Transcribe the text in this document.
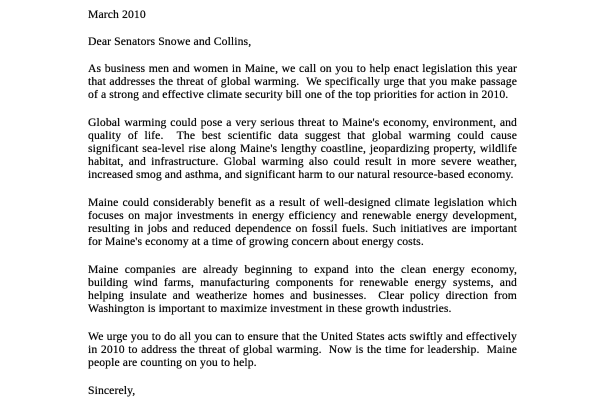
March 2010
Dear Senators Snowe and Collins,
As business men and women in Maine, we call on you to help enact legislation this year that addresses the threat of global warming.  We specifically urge that you make passage of a strong and effective climate security bill one of the top priorities for action in 2010.
Global warming could pose a very serious threat to Maine's economy, environment, and quality of life.  The best scientific data suggest that global warming could cause significant sea-level rise along Maine's lengthy coastline, jeopardizing property, wildlife habitat, and infrastructure. Global warming also could result in more severe weather, increased smog and asthma, and significant harm to our natural resource-based economy.
Maine could considerably benefit as a result of well-designed climate legislation which focuses on major investments in energy efficiency and renewable energy development, resulting in jobs and reduced dependence on fossil fuels. Such initiatives are important for Maine's economy at a time of growing concern about energy costs.
Maine companies are already beginning to expand into the clean energy economy, building wind farms, manufacturing components for renewable energy systems, and helping insulate and weatherize homes and businesses.  Clear policy direction from Washington is important to maximize investment in these growth industries.
We urge you to do all you can to ensure that the United States acts swiftly and effectively in 2010 to address the threat of global warming.  Now is the time for leadership.  Maine people are counting on you to help.
Sincerely,
